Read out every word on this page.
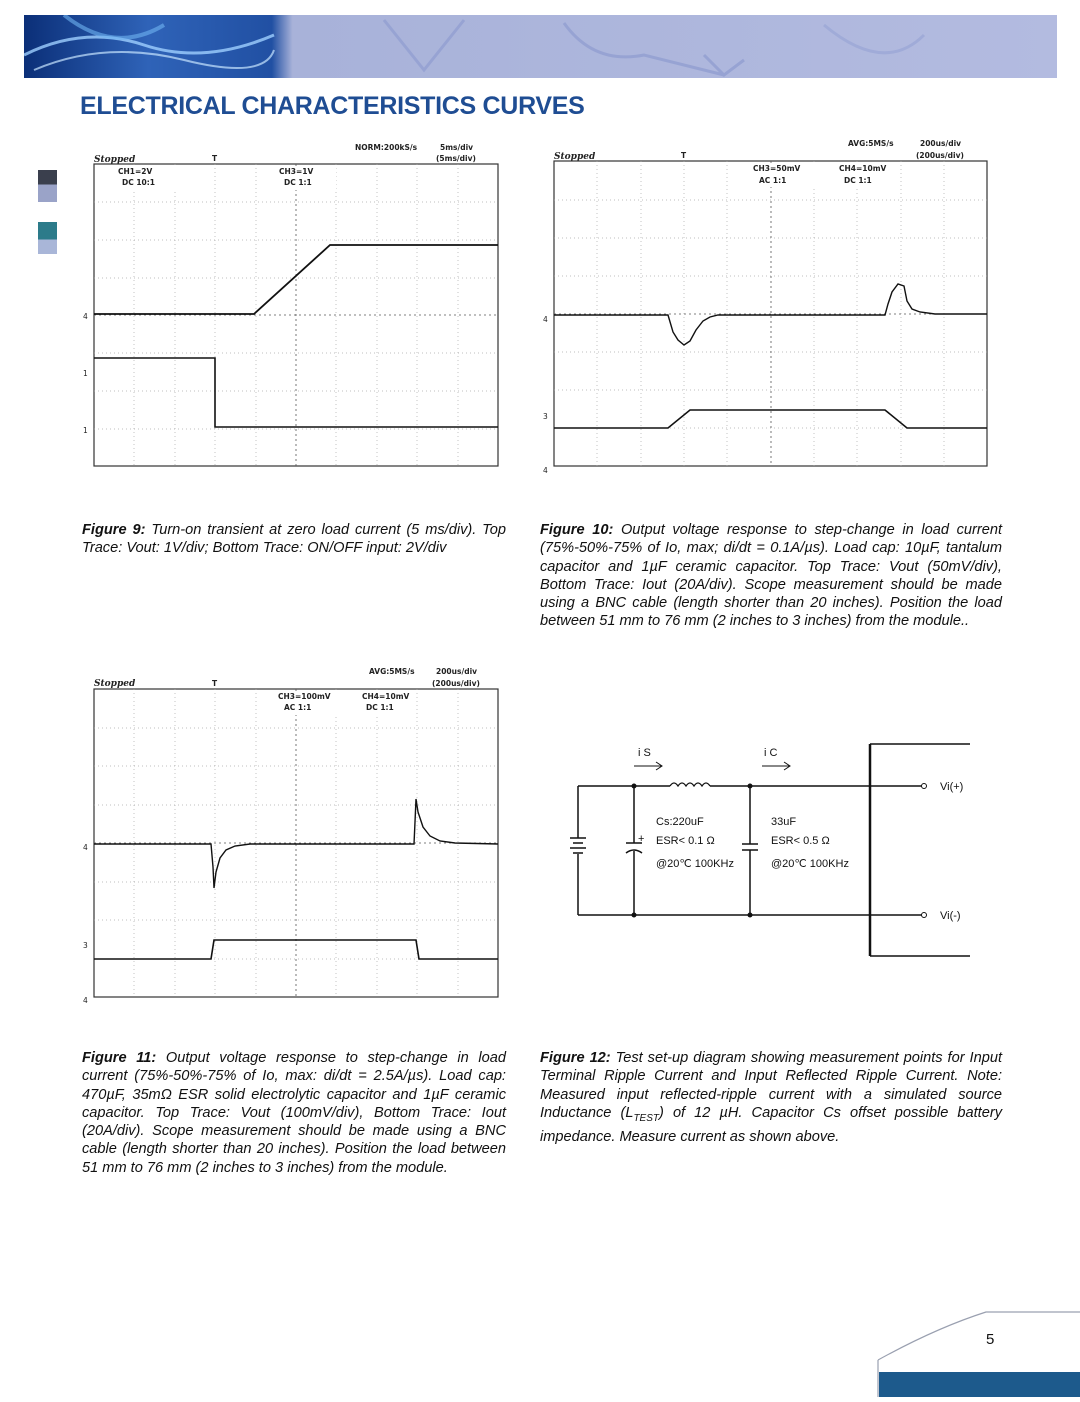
ELECTRICAL CHARACTERISTICS CURVES
NORM:200kS/s	5ms/div
(5ms/div)
Stopped	T
CH1=2V
DC 10:1
CH3=1V
DC 1:1
4
1
1
AVG:5MS/s	200us/div
(200us/div)
Stopped	T
CH3=50mV
AC 1:1
CH4=10mV
DC 1:1
4
3
4
Figure 9: Turn-on transient at zero load current (5 ms/div). Top Trace: Vout: 1V/div; Bottom Trace: ON/OFF input: 2V/div
Figure 10: Output voltage response to step-change in load current (75%-50%-75% of Io, max; di/dt = 0.1A/µs). Load cap: 10µF, tantalum capacitor and 1µF ceramic capacitor. Top Trace: Vout (50mV/div), Bottom Trace: Iout (20A/div). Scope measurement should be made using a BNC cable (length shorter than 20 inches). Position the load between 51 mm to 76 mm (2 inches to 3 inches) from the module..
AVG:5MS/s	200us/div
(200us/div)
Stopped	T
CH3=100mV
AC 1:1
CH4=10mV
DC 1:1
4
3
4
i S	i C
Vi(+)
Vi(-)
+
Cs:220uF
ESR< 0.1 Ω
@20℃ 100KHz
33uF
ESR< 0.5 Ω
@20℃ 100KHz
Figure 11: Output voltage response to step-change in load current (75%-50%-75% of Io, max: di/dt = 2.5A/µs). Load cap: 470µF, 35mΩ ESR solid electrolytic capacitor and 1µF ceramic capacitor. Top Trace: Vout (100mV/div), Bottom Trace: Iout (20A/div). Scope measurement should be made using a BNC cable (length shorter than 20 inches). Position the load between 51 mm to 76 mm (2 inches to 3 inches) from the module.
Figure 12: Test set-up diagram showing measurement points for Input Terminal Ripple Current and Input Reflected Ripple Current. Note: Measured input reflected-ripple current with a simulated source Inductance $(L_{TEST})$ of 12 µH. Capacitor Cs offset possible battery impedance. Measure current as shown above.
5
